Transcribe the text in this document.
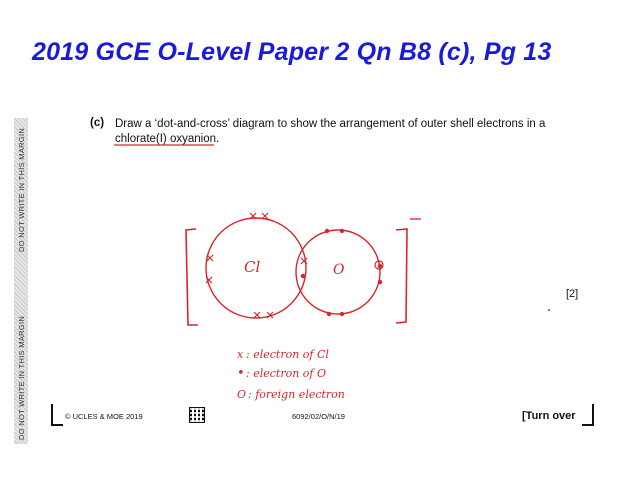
2019 GCE O-Level Paper 2 Qn B8 (c), Pg 13
DO NOT WRITE IN THIS MARGIN
DO NOT WRITE IN THIS MARGIN
(c) Draw a ‘dot-and-cross’ diagram to show the arrangement of outer shell electrons in a chlorate(I) oxyanion.
Cl	O
x : electron of Cl
• : electron of O
O : foreign electron
[2]
© UCLES & MOE 2019	6092/02/O/N/19	[Turn over
